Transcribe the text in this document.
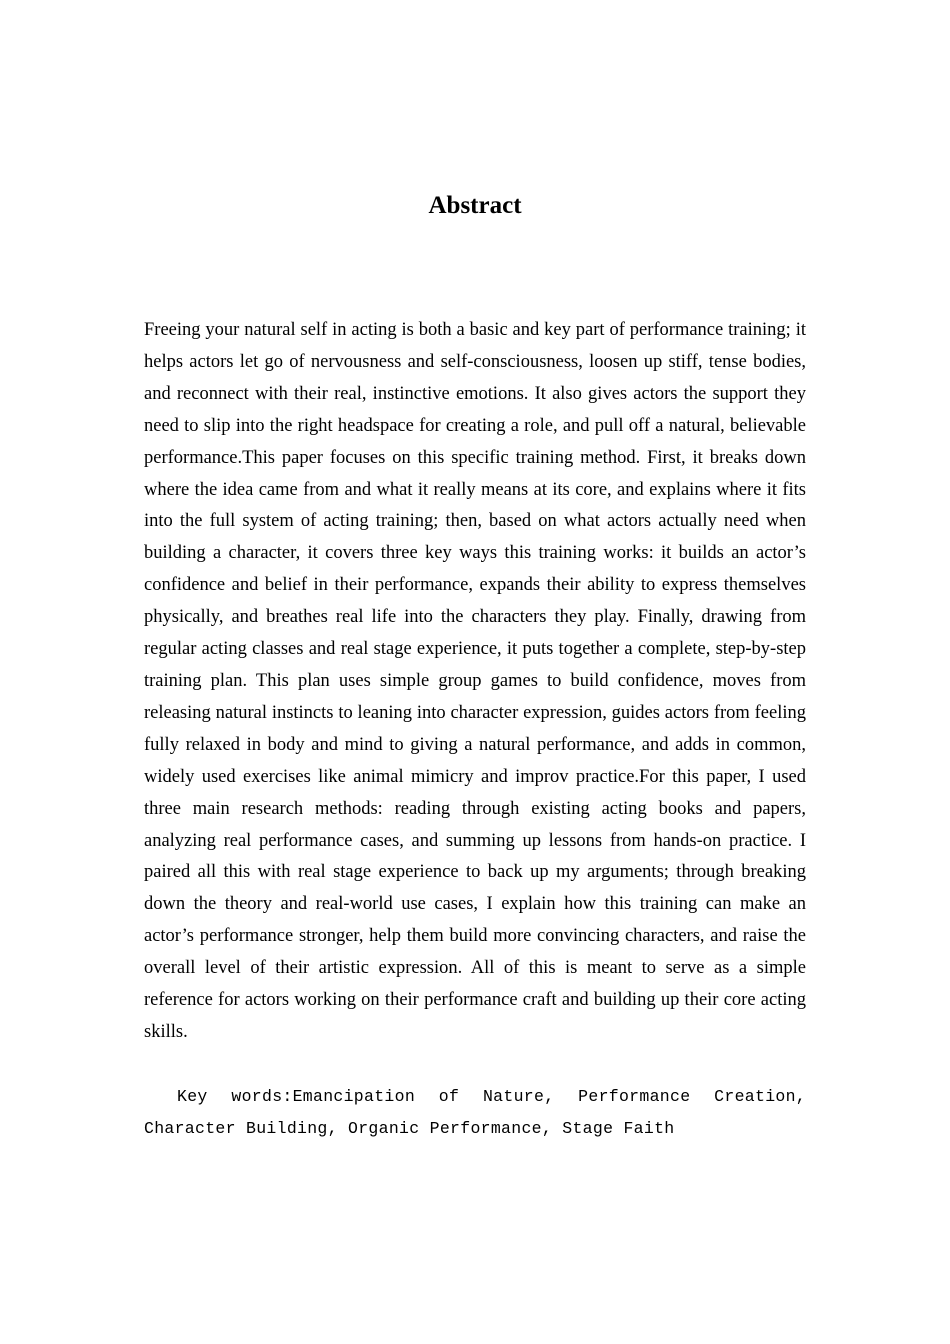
Abstract

Freeing your natural self in acting is both a basic and key part of performance training; it helps actors let go of nervousness and self-consciousness, loosen up stiff, tense bodies, and reconnect with their real, instinctive emotions. It also gives actors the support they need to slip into the right headspace for creating a role, and pull off a natural, believable performance.This paper focuses on this specific training method. First, it breaks down where the idea came from and what it really means at its core, and explains where it fits into the full system of acting training; then, based on what actors actually need when building a character, it covers three key ways this training works: it builds an actor’s confidence and belief in their performance, expands their ability to express themselves physically, and breathes real life into the characters they play. Finally, drawing from regular acting classes and real stage experience, it puts together a complete, step-by-step training plan. This plan uses simple group games to build confidence, moves from releasing natural instincts to leaning into character expression, guides actors from feeling fully relaxed in body and mind to giving a natural performance, and adds in common, widely used exercises like animal mimicry and improv practice.For this paper, I used three main research methods: reading through existing acting books and papers, analyzing real performance cases, and summing up lessons from hands-on practice. I paired all this with real stage experience to back up my arguments; through breaking down the theory and real-world use cases, I explain how this training can make an actor’s performance stronger, help them build more convincing characters, and raise the overall level of their artistic expression. All of this is meant to serve as a simple reference for actors working on their performance craft and building up their core acting skills.

Key words:Emancipation of Nature, Performance Creation, Character Building, Organic Performance, Stage Faith
